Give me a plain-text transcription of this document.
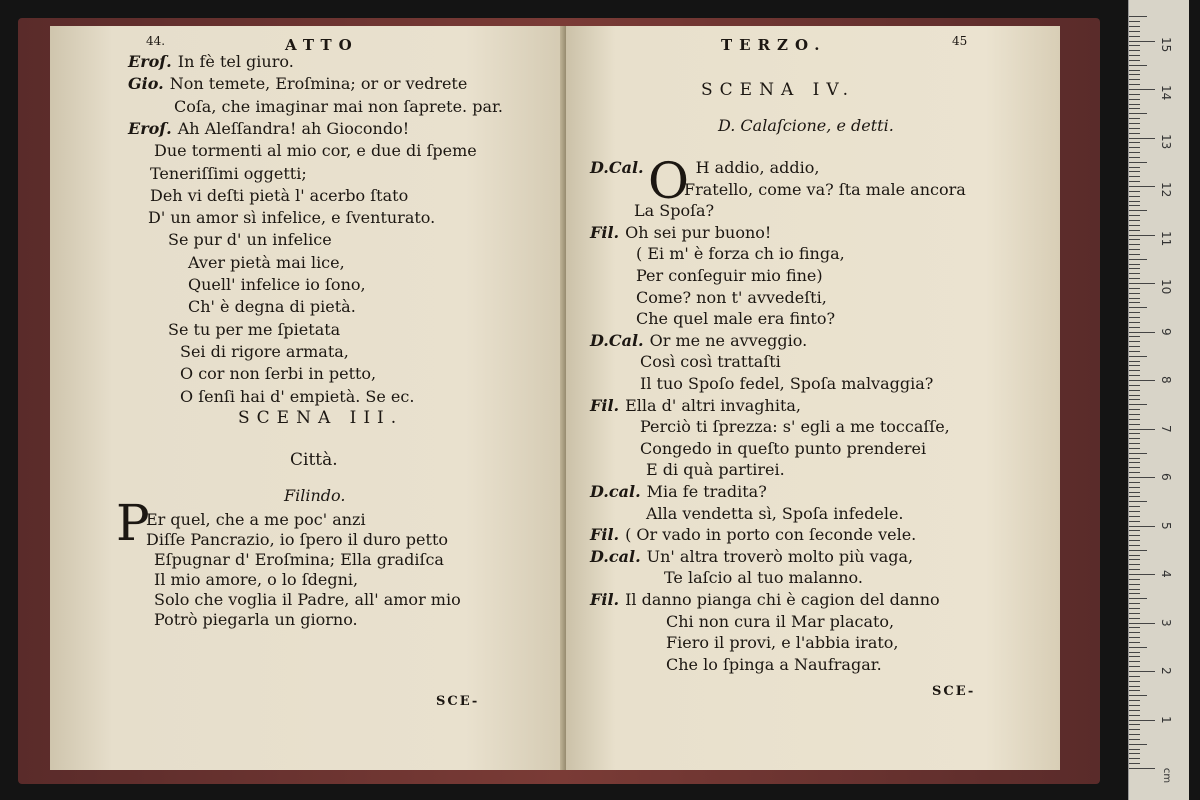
44.	ATTO
Eroſ. In fè tel giuro.
Gio. Non temete, Eroſmina; or or vedrete
Coſa, che imaginar mai non ſaprete. par.
Eroſ. Ah Aleſſandra! ah Giocondo!
Due tormenti al mio cor, e due di ſpeme
Teneriſſimi oggetti;
Deh vi deſti pietà l' acerbo ſtato
D' un amor sì infelice, e ſventurato.
Se pur d' un infelice
Aver pietà mai lice,
Quell' infelice io ſono,
Ch' è degna di pietà.
Se tu per me ſpietata
Sei di rigore armata,
O cor non ſerbi in petto,
O ſenſi hai d' empietà. Se ec.
SCENA III.
Città.
Filindo.
P
Er quel, che a me poc' anzi
Diſſe Pancrazio, io ſpero il duro petto
Eſpugnar d' Eroſmina; Ella gradiſca
Il mio amore, o lo ſdegni,
Solo che voglia il Padre, all' amor mio
Potrò piegarla un giorno.
SCE-
TERZO.	45
SCENA IV.
D. Calaſcione, e detti.
O
D.Cal.	H addio, addio,
Fratello, come va? ſta male ancora
La Spoſa?
Fil. Oh sei pur buono!
( Ei m' è forza ch io finga,
Per conſeguir mio fine)
Come? non t' avvedeſti,
Che quel male era finto?
D.Cal. Or me ne avveggio.
Così così trattaſti
Il tuo Spoſo fedel, Spoſa malvaggia?
Fil. Ella d' altri invaghita,
Perciò ti ſprezza: s' egli a me toccaſſe,
Congedo in queſto punto prenderei
E di quà partirei.
D.cal. Mia fe tradita?
Alla vendetta sì, Spoſa infedele.
Fil. ( Or vado in porto con ſeconde vele.
D.cal. Un' altra troverò molto più vaga,
Te laſcio al tuo malanno.
Fil. Il danno pianga chi è cagion del danno
Chi non cura il Mar placato,
Fiero il provi, e l'abbia irato,
Che lo ſpinga a Naufragar.
SCE-
cm
1
2
3
4
5
6
7
8
9
10
11
12
13
14
15
